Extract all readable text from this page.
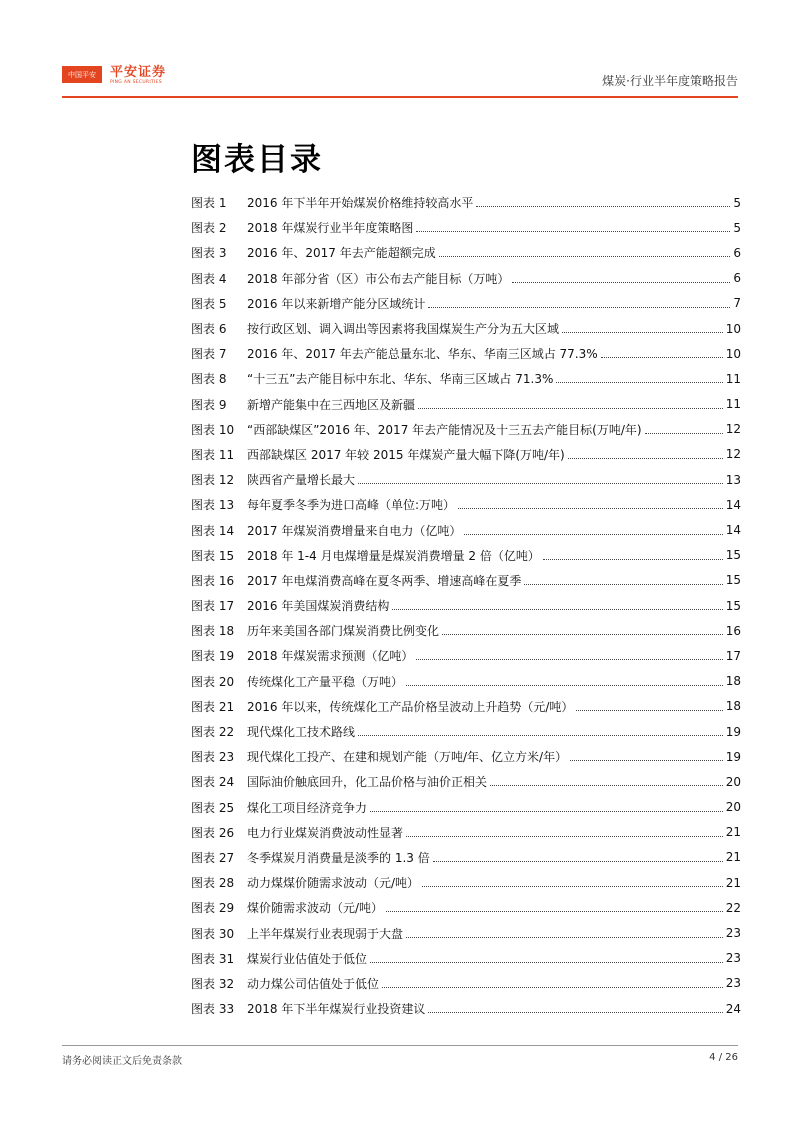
中国平安	平安证券
PING AN SECURITIES	煤炭·行业半年度策略报告
图表目录
图表 1	2016 年下半年开始煤炭价格维持较高水平	5
图表 2	2018 年煤炭行业半年度策略图	5
图表 3	2016 年、2017 年去产能超额完成	6
图表 4	2018 年部分省（区）市公布去产能目标（万吨）	6
图表 5	2016 年以来新增产能分区域统计	7
图表 6	按行政区划、调入调出等因素将我国煤炭生产分为五大区域	10
图表 7	2016 年、2017 年去产能总量东北、华东、华南三区域占 77.3%	10
图表 8	“十三五”去产能目标中东北、华东、华南三区域占 71.3%	11
图表 9	新增产能集中在三西地区及新疆	11
图表 10	“西部缺煤区”2016 年、2017 年去产能情况及十三五去产能目标(万吨/年)	12
图表 11	西部缺煤区 2017 年较 2015 年煤炭产量大幅下降(万吨/年)	12
图表 12	陕西省产量增长最大	13
图表 13	每年夏季冬季为进口高峰（单位:万吨）	14
图表 14	2017 年煤炭消费增量来自电力（亿吨）	14
图表 15	2018 年 1-4 月电煤增量是煤炭消费增量 2 倍（亿吨）	15
图表 16	2017 年电煤消费高峰在夏冬两季、增速高峰在夏季	15
图表 17	2016 年美国煤炭消费结构	15
图表 18	历年来美国各部门煤炭消费比例变化	16
图表 19	2018 年煤炭需求预测（亿吨）	17
图表 20	传统煤化工产量平稳（万吨）	18
图表 21	2016 年以来，传统煤化工产品价格呈波动上升趋势（元/吨）	18
图表 22	现代煤化工技术路线	19
图表 23	现代煤化工投产、在建和规划产能（万吨/年、亿立方米/年）	19
图表 24	国际油价触底回升，化工品价格与油价正相关	20
图表 25	煤化工项目经济竞争力	20
图表 26	电力行业煤炭消费波动性显著	21
图表 27	冬季煤炭月消费量是淡季的 1.3 倍	21
图表 28	动力煤煤价随需求波动（元/吨）	21
图表 29	煤价随需求波动（元/吨）	22
图表 30	上半年煤炭行业表现弱于大盘	23
图表 31	煤炭行业估值处于低位	23
图表 32	动力煤公司估值处于低位	23
图表 33	2018 年下半年煤炭行业投资建议	24
请务必阅读正文后免责条款	4 / 26
